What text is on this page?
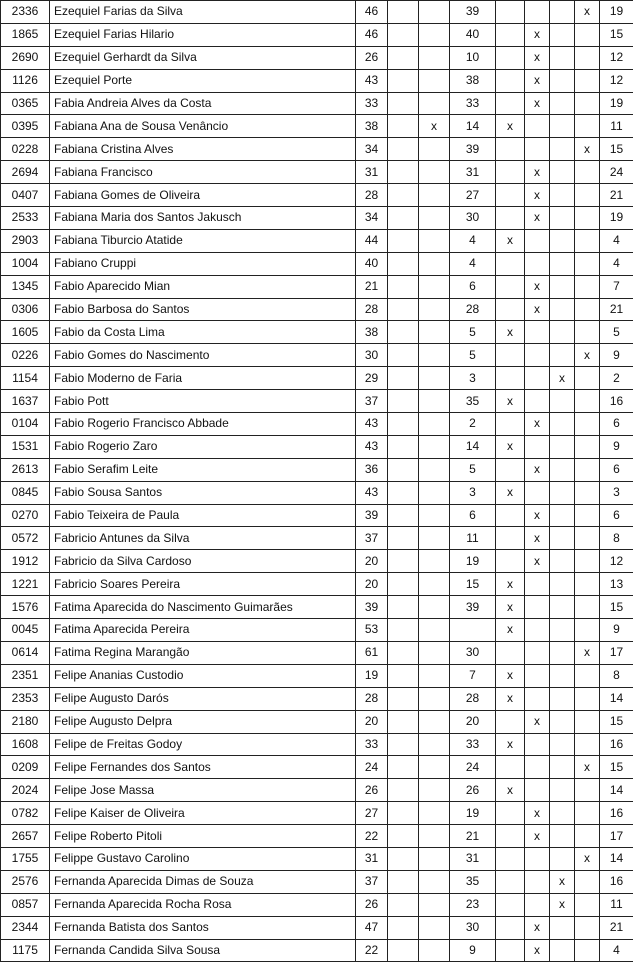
2336	Ezequiel Farias da Silva	46			39				x	19
1865	Ezequiel Farias Hilario	46			40		x			15
2690	Ezequiel Gerhardt da Silva	26			10		x			12
1126	Ezequiel Porte	43			38		x			12
0365	Fabia Andreia Alves da Costa	33			33		x			19
0395	Fabiana Ana de Sousa Venâncio	38		x	14	x				11
0228	Fabiana Cristina Alves	34			39				x	15
2694	Fabiana Francisco	31			31		x			24
0407	Fabiana Gomes de Oliveira	28			27		x			21
2533	Fabiana Maria dos Santos Jakusch	34			30		x			19
2903	Fabiana Tiburcio Atatide	44			4	x				4
1004	Fabiano Cruppi	40			4					4
1345	Fabio Aparecido Mian	21			6		x			7
0306	Fabio Barbosa do Santos	28			28		x			21
1605	Fabio da Costa Lima	38			5	x				5
0226	Fabio Gomes do Nascimento	30			5				x	9
1154	Fabio Moderno de Faria	29			3			x		2
1637	Fabio Pott	37			35	x				16
0104	Fabio Rogerio Francisco Abbade	43			2		x			6
1531	Fabio Rogerio Zaro	43			14	x				9
2613	Fabio Serafim Leite	36			5		x			6
0845	Fabio Sousa Santos	43			3	x				3
0270	Fabio Teixeira de Paula	39			6		x			6
0572	Fabricio Antunes da Silva	37			11		x			8
1912	Fabricio da Silva Cardoso	20			19		x			12
1221	Fabricio Soares Pereira	20			15	x				13
1576	Fatima Aparecida do Nascimento Guimarães	39			39	x				15
0045	Fatima Aparecida Pereira	53				x				9
0614	Fatima Regina Marangão	61			30				x	17
2351	Felipe Ananias Custodio	19			7	x				8
2353	Felipe Augusto Darós	28			28	x				14
2180	Felipe Augusto Delpra	20			20		x			15
1608	Felipe de Freitas Godoy	33			33	x				16
0209	Felipe Fernandes dos Santos	24			24				x	15
2024	Felipe Jose Massa	26			26	x				14
0782	Felipe Kaiser de Oliveira	27			19		x			16
2657	Felipe Roberto Pitoli	22			21		x			17
1755	Felippe Gustavo Carolino	31			31				x	14
2576	Fernanda Aparecida Dimas de Souza	37			35			x		16
0857	Fernanda Aparecida Rocha Rosa	26			23			x		11
2344	Fernanda Batista dos Santos	47			30		x			21
1175	Fernanda Candida Silva Sousa	22			9		x			4
